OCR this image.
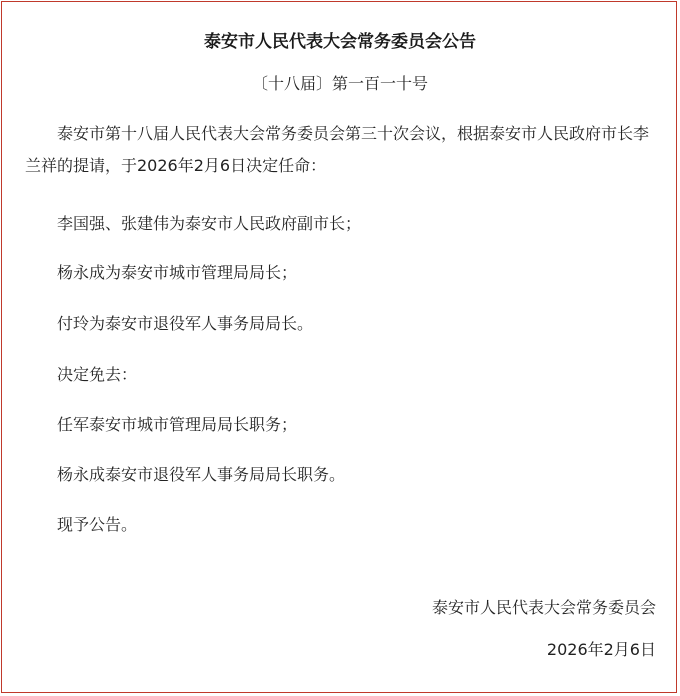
泰安市人民代表大会常务委员会公告
〔十八届〕第一百一十号

泰安市第十八届人民代表大会常务委员会第三十次会议，根据泰安市人民政府市长李兰祥的提请，于2026年2月6日决定任命：

李国强、张建伟为泰安市人民政府副市长；
杨永成为泰安市城市管理局局长；
付玲为泰安市退役军人事务局局长。
决定免去：
任军泰安市城市管理局局长职务；
杨永成泰安市退役军人事务局局长职务。
现予公告。
泰安市人民代表大会常务委员会
2026年2月6日
